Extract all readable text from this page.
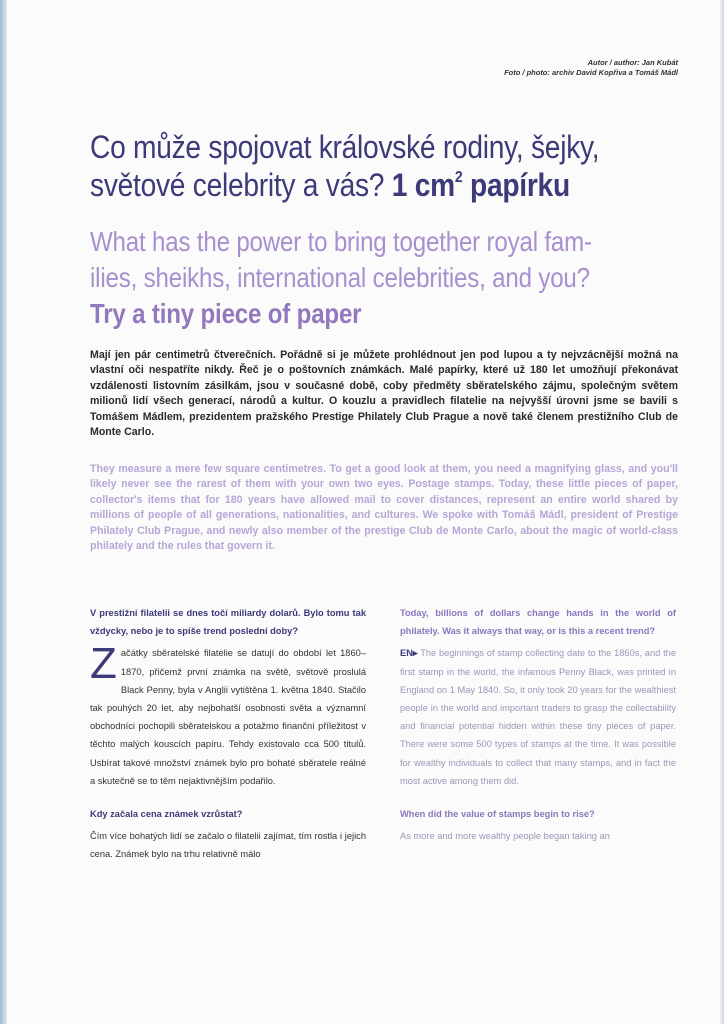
Autor / author: Jan Kubát
Foto / photo: archiv David Kopřiva a Tomáš Mádl
Co může spojovat královské rodiny, šejky,
světové celebrity a vás? 1 $cm^2$ papírku
What has the power to bring together royal fam-
ilies, sheikhs, international celebrities, and you?
Try a tiny piece of paper

Mají jen pár centimetrů čtverečních. Pořádně si je můžete prohlédnout jen pod lupou a ty nejvzácnější možná na vlastní oči nespatříte nikdy. Řeč je o poštovních známkách. Malé papírky, které už 180 let umožňují překonávat vzdálenosti listovním zásilkám, jsou v současné době, coby předměty sběratelského zájmu, společným světem milionů lidí všech generací, národů a kultur. O kouzlu a pravidlech filatelie na nejvyšší úrovni jsme se bavili s Tomášem Mádlem, prezidentem pražského Prestige Philately Club Prague a nově také členem prestižního Club de Monte Carlo.

They measure a mere few square centimetres. To get a good look at them, you need a magnifying glass, and you'll likely never see the rarest of them with your own two eyes. Postage stamps. Today, these little pieces of paper, collector's items that for 180 years have allowed mail to cover distances, represent an entire world shared by millions of people of all generations, nationalities, and cultures. We spoke with Tomáš Mádl, president of Prestige Philately Club Prague, and newly also member of the prestige Club de Monte Carlo, about the magic of world-class philately and the rules that govern it.

V prestižní filatelii se dnes točí miliardy dolarů. Bylo tomu tak vždycky, nebo je to spíše trend poslední doby?

Začátky sběratelské filatelie se datují do období let 1860–1870, přičemž první známka na světě, světově proslulá Black Penny, byla v Anglii vytištěna 1. května 1840. Stačilo tak pouhých 20 let, aby nejbohatší osobnosti světa a významní obchodníci pochopili sběratelskou a potažmo finanční příležitost v těchto malých kouscích papíru. Tehdy existovalo cca 500 titulů. Usbírat takové množství známek bylo pro bohaté sběratele reálné a skutečně se to těm nejaktivnějším podařilo.

Kdy začala cena známek vzrůstat?

Čím více bohatých lidí se začalo o filatelii zajímat, tím rostla i jejich cena. Známek bylo na trhu relativně málo

Today, billions of dollars change hands in the world of philately. Was it always that way, or is this a recent trend?

EN▸ The beginnings of stamp collecting date to the 1860s, and the first stamp in the world, the infamous Penny Black, was printed in England on 1 May 1840. So, it only took 20 years for the wealthiest people in the world and important traders to grasp the collectability and financial potential hidden within these tiny pieces of paper. There were some 500 types of stamps at the time. It was possible for wealthy individuals to collect that many stamps, and in fact the most active among them did.

When did the value of stamps begin to rise?

As more and more wealthy people began taking an
